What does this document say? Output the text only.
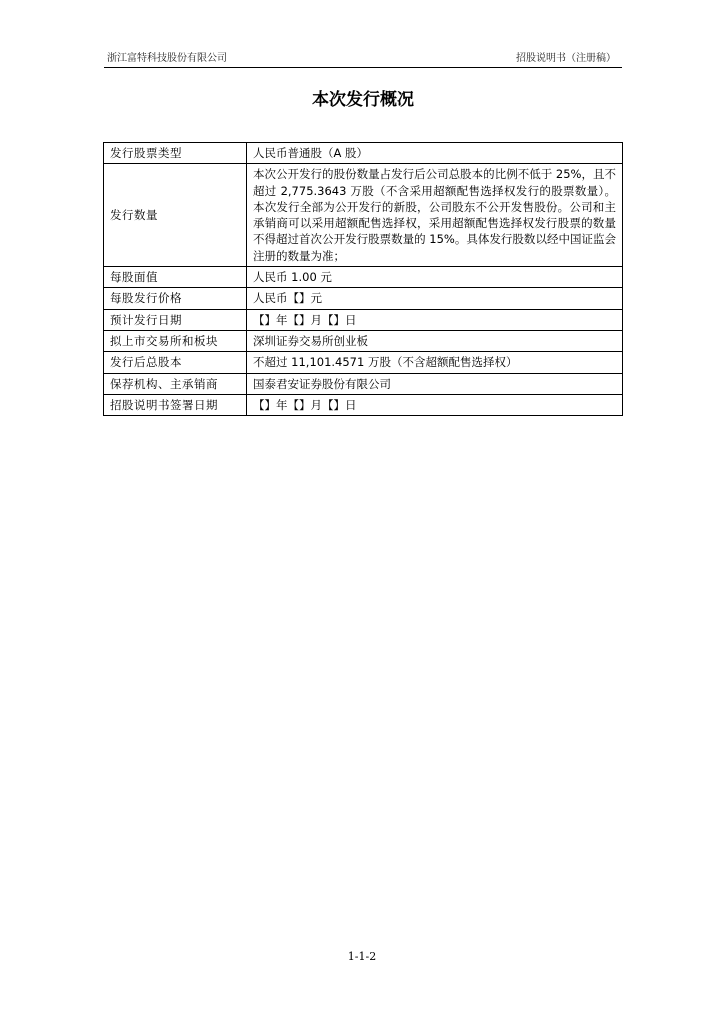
浙江富特科技股份有限公司	招股说明书（注册稿）
本次发行概况
发行股票类型	人民币普通股（A 股）
发行数量	本次公开发行的股份数量占发行后公司总股本的比例不低于 25%，且不超过 2,775.3643 万股（不含采用超额配售选择权发行的股票数量）。本次发行全部为公开发行的新股，公司股东不公开发售股份。公司和主承销商可以采用超额配售选择权，采用超额配售选择权发行股票的数量不得超过首次公开发行股票数量的 15%。具体发行股数以经中国证监会注册的数量为准；
每股面值	人民币 1.00 元
每股发行价格	人民币【】元
预计发行日期	【】年【】月【】日
拟上市交易所和板块	深圳证券交易所创业板
发行后总股本	不超过 11,101.4571 万股（不含超额配售选择权）
保荐机构、主承销商	国泰君安证券股份有限公司
招股说明书签署日期	【】年【】月【】日
1-1-2
